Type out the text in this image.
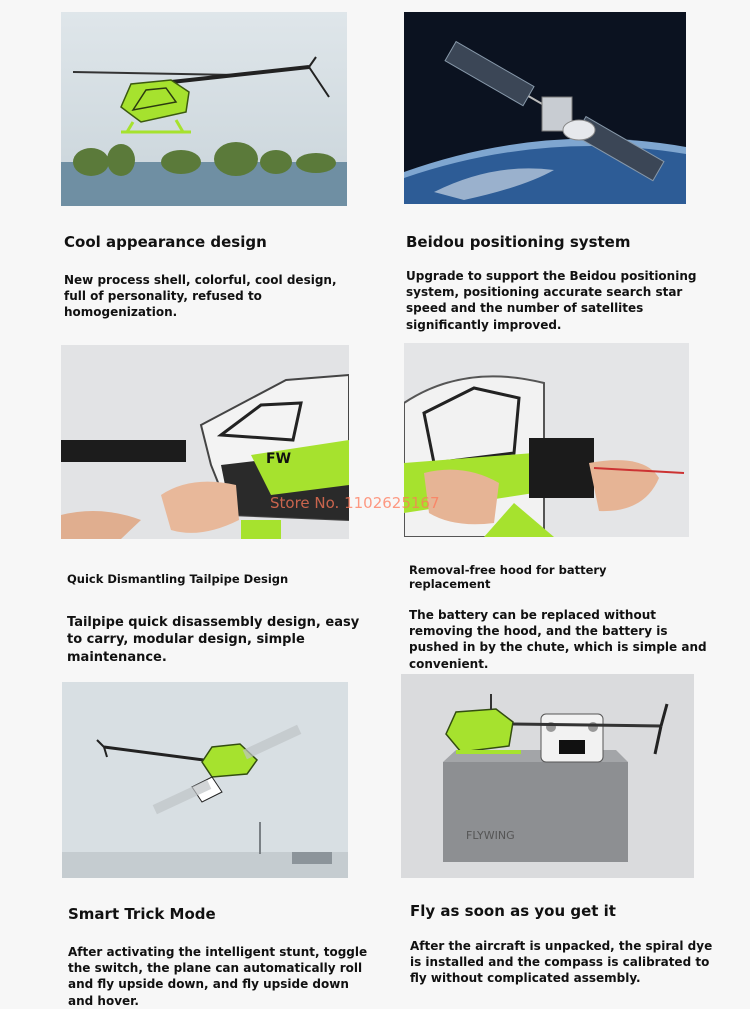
Cool appearance design
New process shell, colorful, cool design, full of personality, refused to homogenization.
Beidou positioning system
Upgrade to support the Beidou positioning system, positioning accurate search star speed and the number of satellites significantly improved.
FW
Store No. 1102625167
Quick Dismantling Tailpipe Design
Tailpipe quick disassembly design, easy to carry, modular design, simple maintenance.
Removal-free hood for battery replacement
The battery can be replaced without removing the hood, and the battery is pushed in by the chute, which is simple and convenient.
FLYWING
Smart Trick Mode
After activating the intelligent stunt, toggle the switch, the plane can automatically roll and fly upside down, and fly upside down and hover.
Fly as soon as you get it
After the aircraft is unpacked, the spiral dye is installed and the compass is calibrated to fly without complicated assembly.
